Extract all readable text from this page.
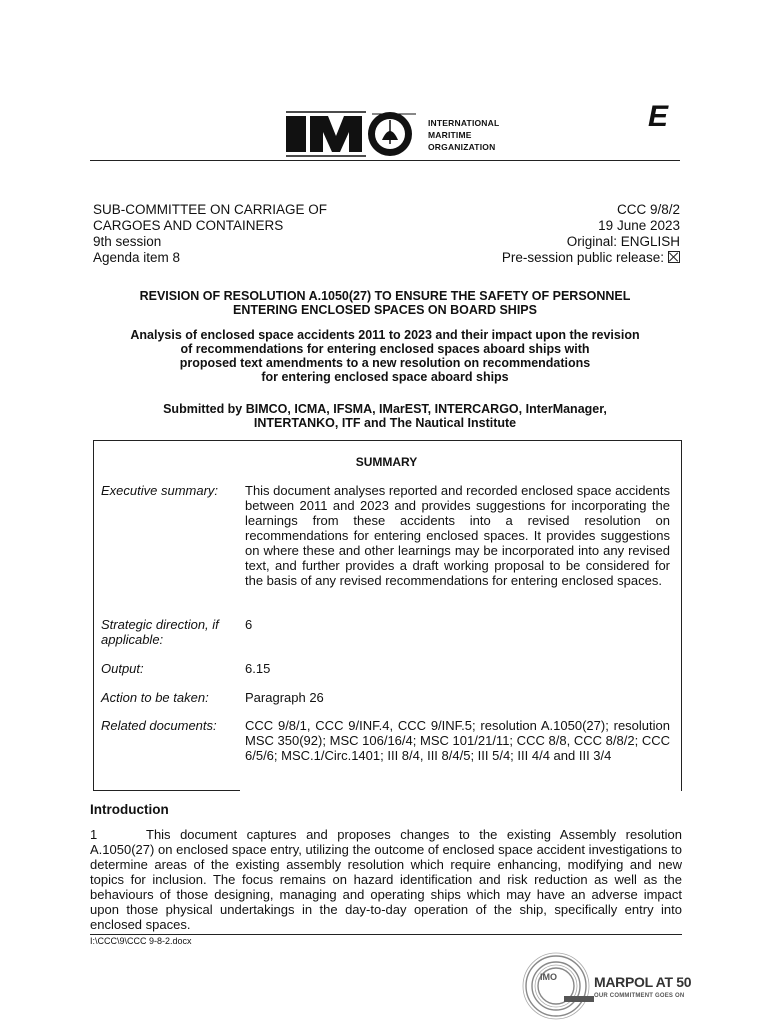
INTERNATIONAL
MARITIME
ORGANIZATION
E
SUB-COMMITTEE ON CARRIAGE OF
CARGOES AND CONTAINERS
9th session
Agenda item 8
CCC 9/8/2
19 June 2023
Original: ENGLISH
Pre-session public release:
REVISION OF RESOLUTION A.1050(27) TO ENSURE THE SAFETY OF PERSONNEL
ENTERING ENCLOSED SPACES ON BOARD SHIPS
Analysis of enclosed space accidents 2011 to 2023 and their impact upon the revision
of recommendations for entering enclosed spaces aboard ships with
proposed text amendments to a new resolution on recommendations
for entering enclosed space aboard ships
Submitted by BIMCO, ICMA, IFSMA, IMarEST, INTERCARGO, InterManager,
INTERTANKO, ITF and The Nautical Institute
SUMMARY
Executive summary:	This document analyses reported and recorded enclosed space accidents between 2011 and 2023 and provides suggestions for incorporating the learnings from these accidents into a revised resolution on recommendations for entering enclosed spaces. It provides suggestions on where these and other learnings may be incorporated into any revised text, and further provides a draft working proposal to be considered for the basis of any revised recommendations for entering enclosed spaces.
Strategic direction, if applicable:
6
Output:	6.15
Action to be taken:	Paragraph 26
Related documents:	CCC 9/8/1, CCC 9/INF.4, CCC 9/INF.5; resolution A.1050(27); resolution MSC 350(92); MSC 106/16/4; MSC 101/21/11; CCC 8/8, CCC 8/8/2; CCC 6/5/6; MSC.1/Circ.1401; III 8/4, III 8/4/5; III 5/4; III 4/4 and III 3/4
Introduction
1	This document captures and proposes changes to the existing Assembly resolution A.1050(27) on enclosed space entry, utilizing the outcome of enclosed space accident investigations to determine areas of the existing assembly resolution which require enhancing, modifying and new topics for inclusion. The focus remains on hazard identification and risk reduction as well as the behaviours of those designing, managing and operating ships which may have an adverse impact upon those physical undertakings in the day-to-day operation of the ship, specifically entry into enclosed spaces.
I:\CCC\9\CCC 9-8-2.docx
IMO	MARPOL AT 50
OUR COMMITMENT GOES ON
